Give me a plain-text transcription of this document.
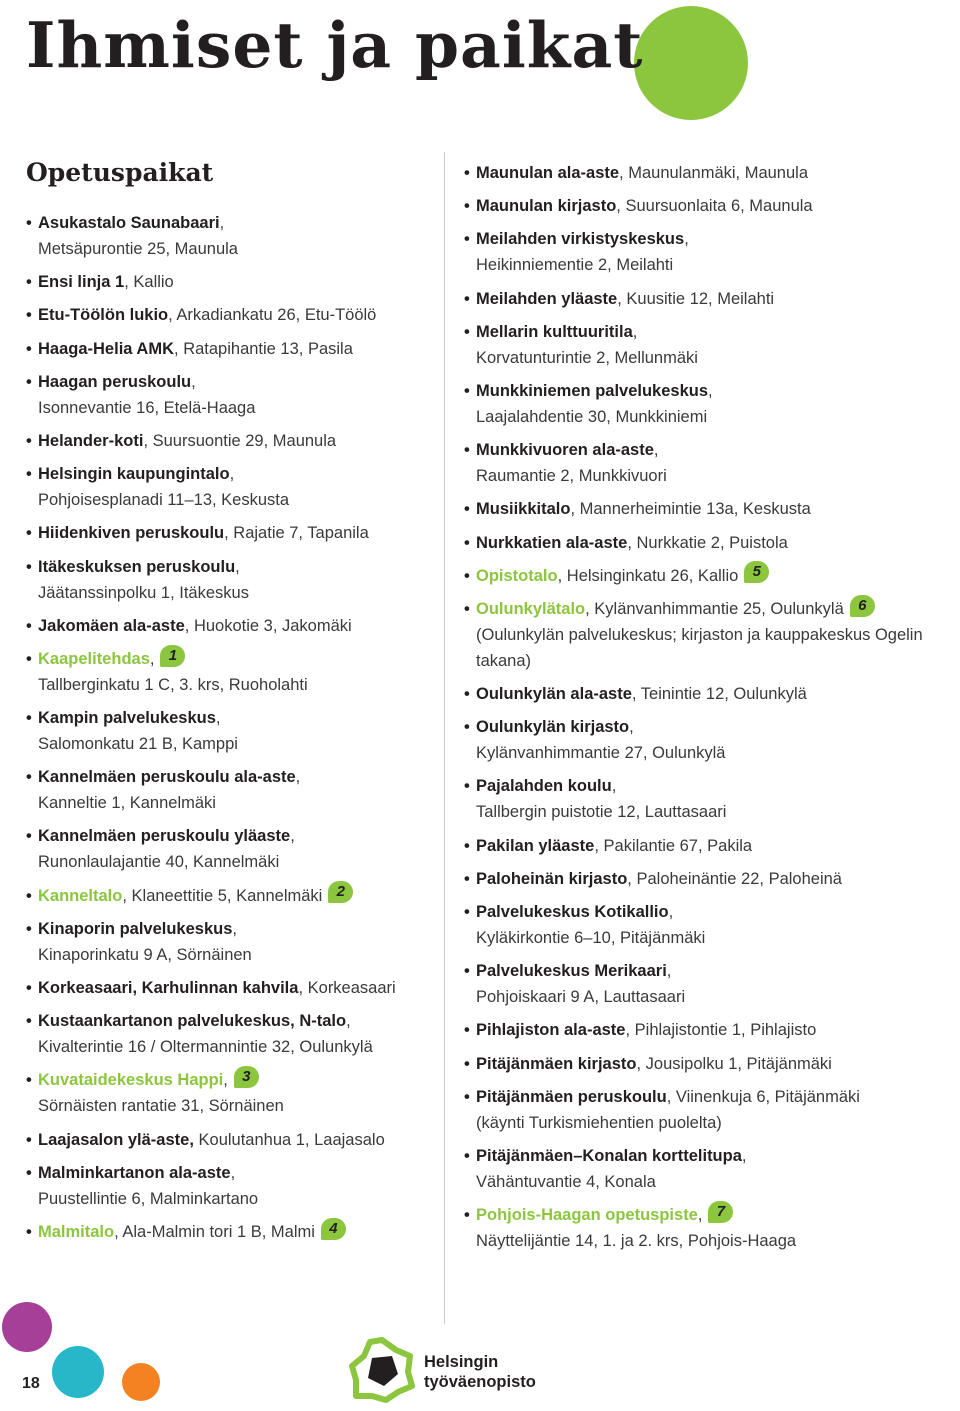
Ihmiset ja paikat
Opetuspaikat
• Asukastalo Saunabaari,
Metsäpurontie 25, Maunula
• Ensi linja 1, Kallio
• Etu-Töölön lukio, Arkadiankatu 26, Etu-Töölö
• Haaga-Helia AMK, Ratapihantie 13, Pasila
• Haagan peruskoulu,
Isonnevantie 16, Etelä-Haaga
• Helander-koti, Suursuontie 29, Maunula
• Helsingin kaupungintalo,
Pohjoisesplanadi 11–13, Keskusta
• Hiidenkiven peruskoulu, Rajatie 7, Tapanila
• Itäkeskuksen peruskoulu,
Jäätanssinpolku 1, Itäkeskus
• Jakomäen ala-aste, Huokotie 3, Jakomäki
• Kaapelitehdas, 1
Tallberginkatu 1 C, 3. krs, Ruoholahti
• Kampin palvelukeskus,
Salomonkatu 21 B, Kamppi
• Kannelmäen peruskoulu ala-aste,
Kanneltie 1, Kannelmäki
• Kannelmäen peruskoulu yläaste,
Runonlaulajantie 40, Kannelmäki
• Kanneltalo, Klaneettitie 5, Kannelmäki 2
• Kinaporin palvelukeskus,
Kinaporinkatu 9 A, Sörnäinen
• Korkeasaari, Karhulinnan kahvila, Korkeasaari
• Kustaankartanon palvelukeskus, N-talo,
Kivalterintie 16 / Oltermannintie 32, Oulunkylä
• Kuvataidekeskus Happi, 3
Sörnäisten rantatie 31, Sörnäinen
• Laajasalon ylä-aste, Koulutanhua 1, Laajasalo
• Malminkartanon ala-aste,
Puustellintie 6, Malminkartano
• Malmitalo, Ala-Malmin tori 1 B, Malmi 4
• Maunulan ala-aste, Maunulanmäki, Maunula
• Maunulan kirjasto, Suursuonlaita 6, Maunula
• Meilahden virkistyskeskus,
Heikinniementie 2, Meilahti
• Meilahden yläaste, Kuusitie 12, Meilahti
• Mellarin kulttuuritila,
Korvatunturintie 2, Mellunmäki
• Munkkiniemen palvelukeskus,
Laajalahdentie 30, Munkkiniemi
• Munkkivuoren ala-aste,
Raumantie 2, Munkkivuori
• Musiikkitalo, Mannerheimintie 13a, Keskusta
• Nurkkatien ala-aste, Nurkkatie 2, Puistola
• Opistotalo, Helsinginkatu 26, Kallio 5
• Oulunkylätalo, Kylänvanhimmantie 25, Oulunkylä 6
(Oulunkylän palvelukeskus; kirjaston ja kauppakeskus Ogelin takana)
• Oulunkylän ala-aste, Teinintie 12, Oulunkylä
• Oulunkylän kirjasto,
Kylänvanhimmantie 27, Oulunkylä
• Pajalahden koulu,
Tallbergin puistotie 12, Lauttasaari
• Pakilan yläaste, Pakilantie 67, Pakila
• Paloheinän kirjasto, Paloheinäntie 22, Paloheinä
• Palvelukeskus Kotikallio,
Kyläkirkontie 6–10, Pitäjänmäki
• Palvelukeskus Merikaari,
Pohjoiskaari 9 A, Lauttasaari
• Pihlajiston ala-aste, Pihlajistontie 1, Pihlajisto
• Pitäjänmäen kirjasto, Jousipolku 1, Pitäjänmäki
• Pitäjänmäen peruskoulu, Viinenkuja 6, Pitäjänmäki
(käynti Turkismiehentien puolelta)
• Pitäjänmäen–Konalan korttelitupa,
Vähäntuvantie 4, Konala
• Pohjois-Haagan opetuspiste, 7
Näyttelijäntie 14, 1. ja 2. krs, Pohjois-Haaga
18
Helsingin
työväenopisto
